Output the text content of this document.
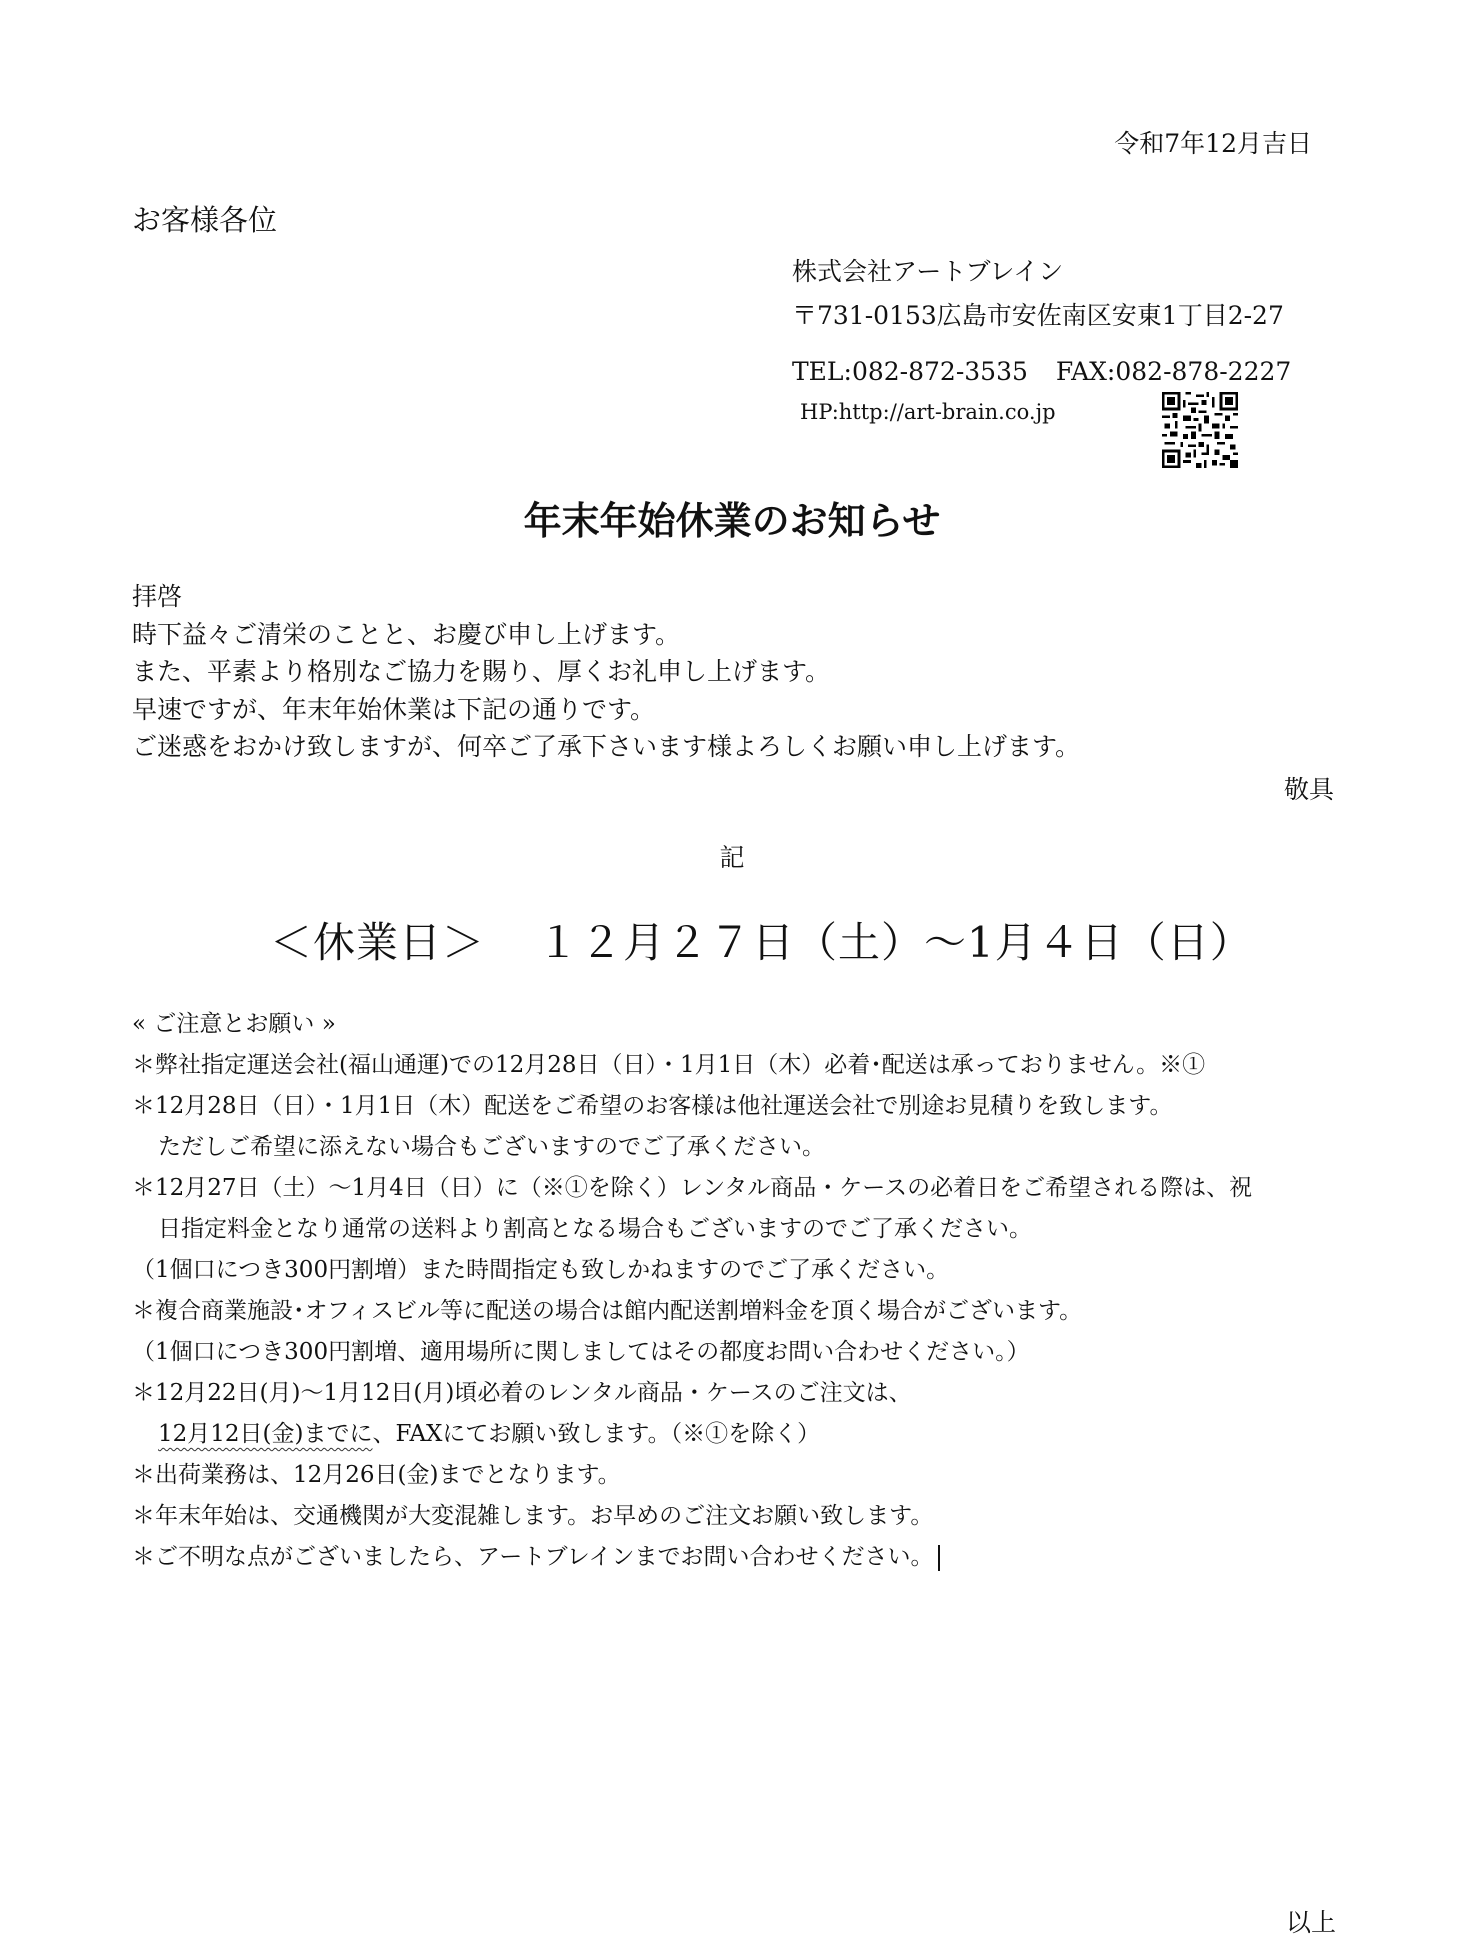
令和7年12月吉日
お客様各位
株式会社アートブレイン
〒731-0153広島市安佐南区安東1丁目2-27
TEL:082-872-3535 FAX:082-878-2227
HP:http://art-brain.co.jp
年末年始休業のお知らせ
拝啓
時下益々ご清栄のことと、お慶び申し上げます。
また、平素より格別なご協力を賜り、厚くお礼申し上げます。
早速ですが、年末年始休業は下記の通りです。
ご迷惑をおかけ致しますが、何卒ご了承下さいます様よろしくお願い申し上げます。
敬具
記
＜休業日＞ １２月２７日（土）〜1月４日（日）
« ご注意とお願い »
＊弊社指定運送会社(福山通運)での12月28日（日）・1月1日（木）必着･配送は承っておりません。※①
＊12月28日（日）・1月1日（木）配送をご希望のお客様は他社運送会社で別途お見積りを致します。
ただしご希望に添えない場合もございますのでご了承ください。
＊12月27日（土）〜1月4日（日）に（※①を除く）レンタル商品・ケースの必着日をご希望される際は、祝
日指定料金となり通常の送料より割高となる場合もございますのでご了承ください。
（1個口につき300円割増）また時間指定も致しかねますのでご了承ください。
＊複合商業施設･オフィスビル等に配送の場合は館内配送割増料金を頂く場合がございます。
（1個口につき300円割増、適用場所に関しましてはその都度お問い合わせください。）
＊12月22日(月)〜1月12日(月)頃必着のレンタル商品・ケースのご注文は、
12月12日(金)までに、FAXにてお願い致します。（※①を除く）
＊出荷業務は、12月26日(金)までとなります。
＊年末年始は、交通機関が大変混雑します。お早めのご注文お願い致します。
＊ご不明な点がございましたら、アートブレインまでお問い合わせください。
以上
